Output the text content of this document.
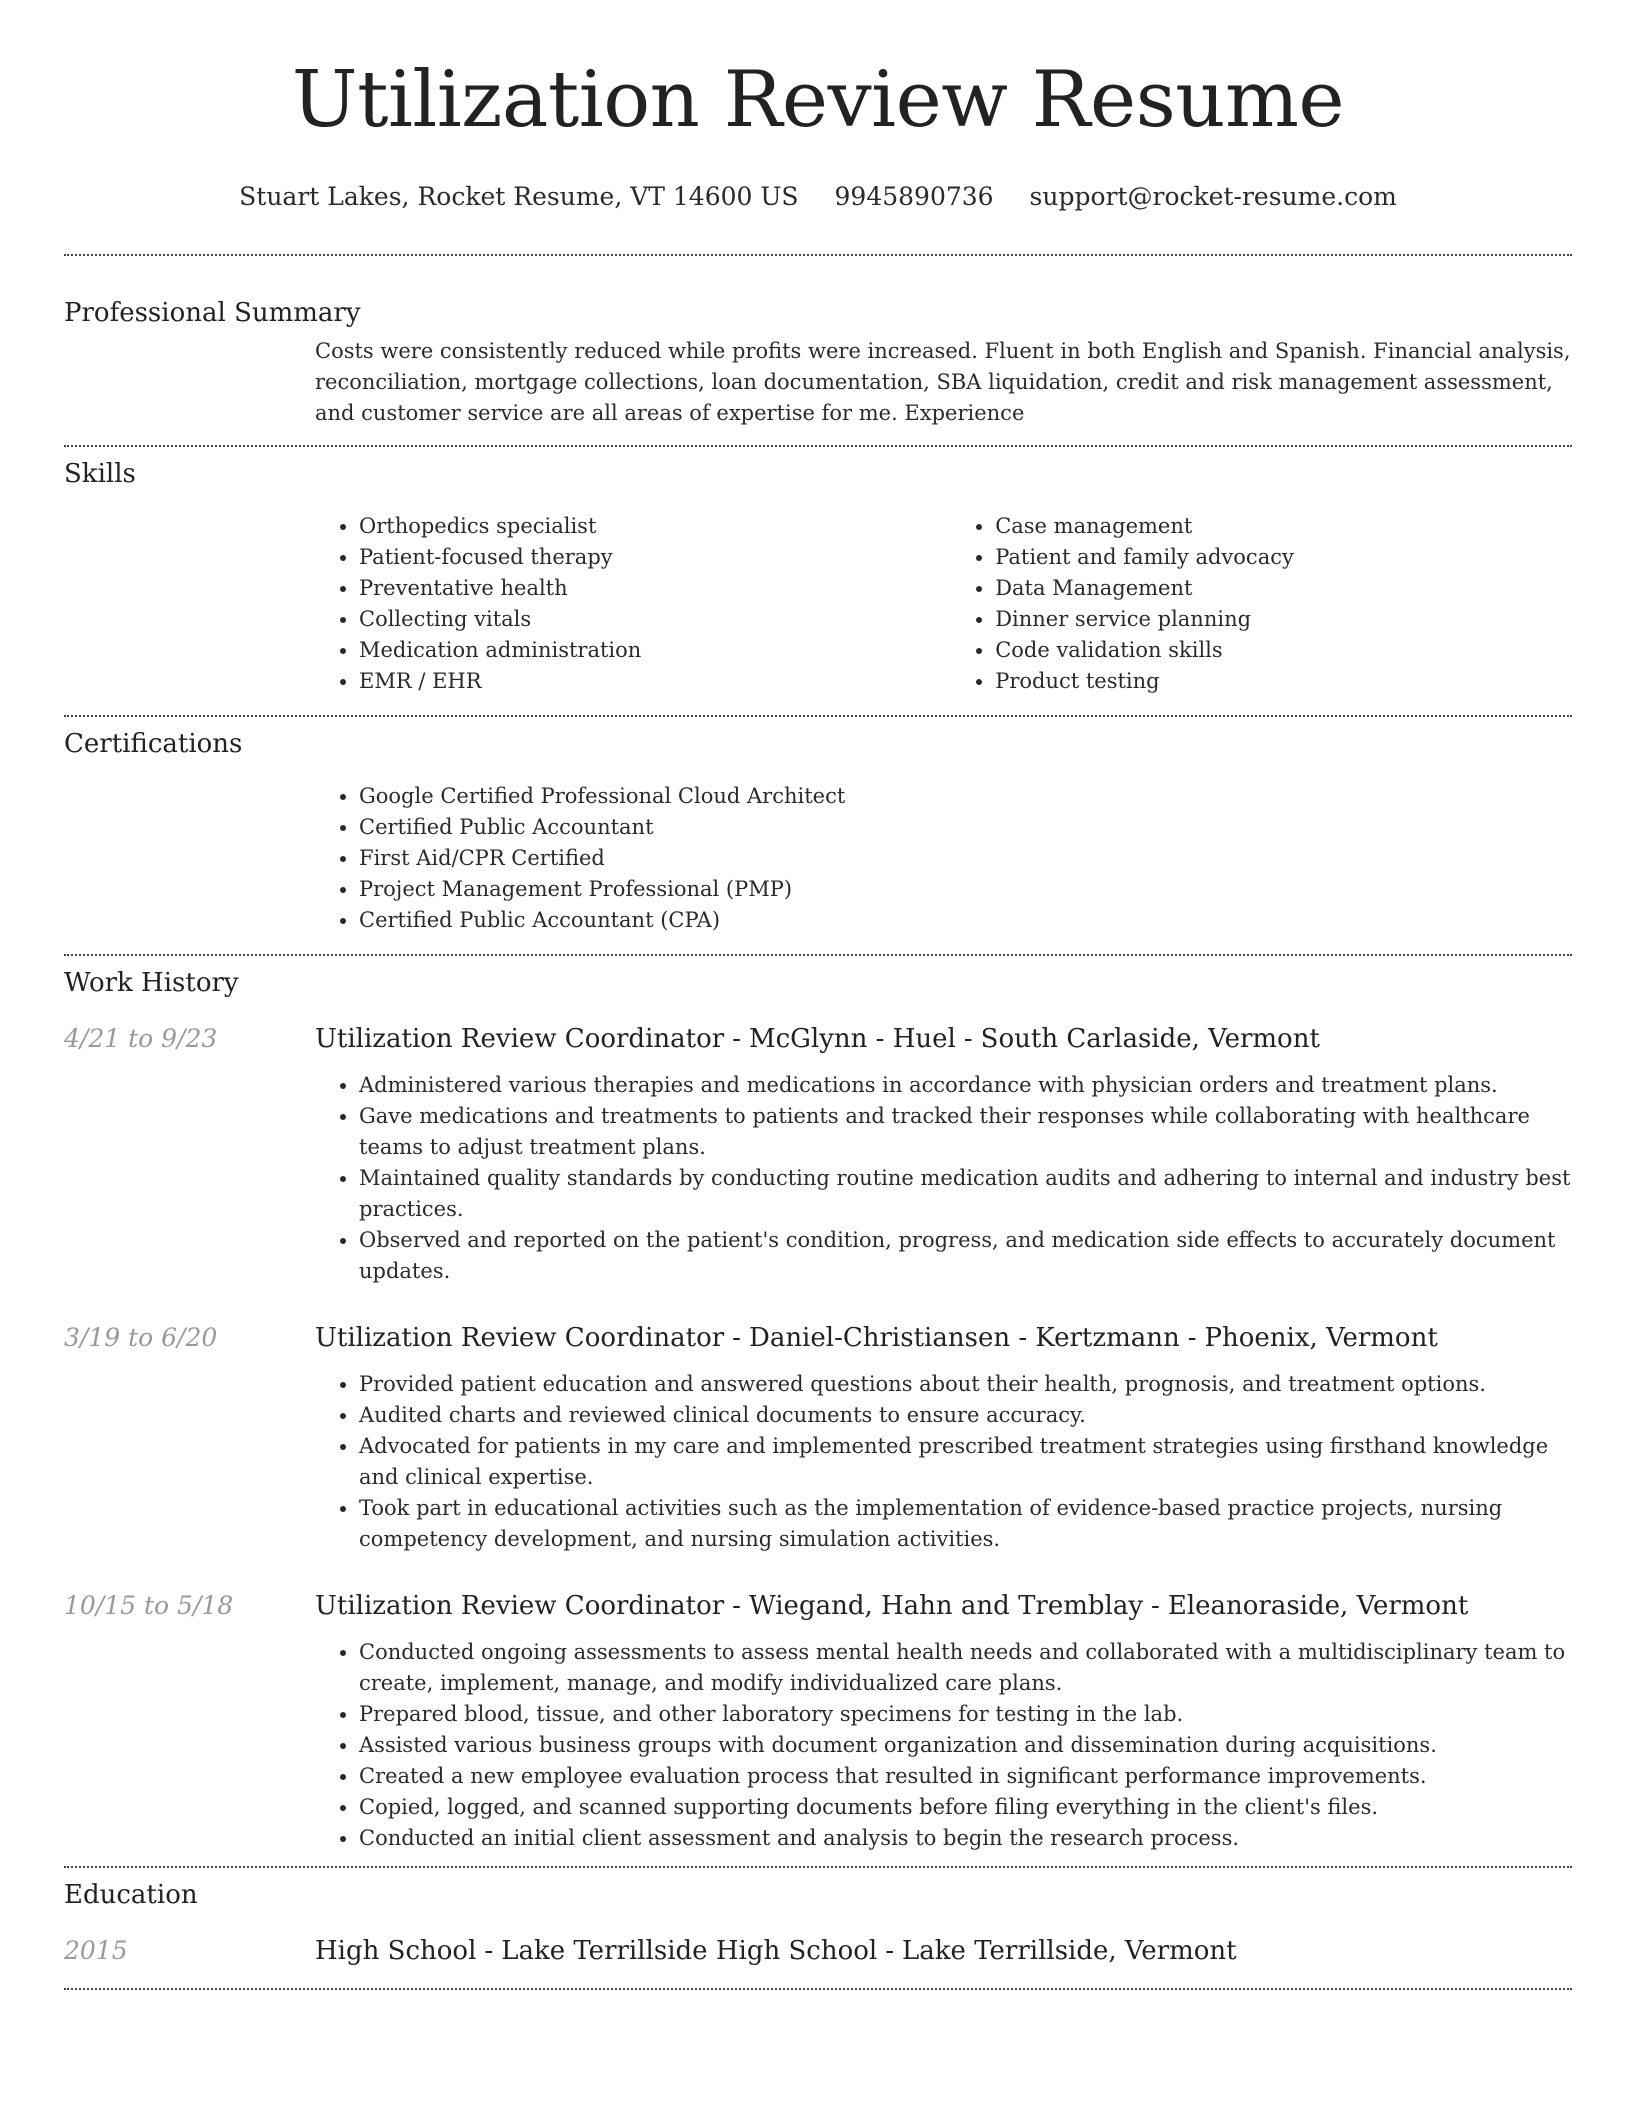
Utilization Review Resume
Stuart Lakes, Rocket Resume, VT 14600 US 9945890736 support@rocket-resume.com
Professional Summary

Costs were consistently reduced while profits were increased. Fluent in both English and Spanish. Financial analysis, reconciliation, mortgage collections, loan documentation, SBA liquidation, credit and risk management assessment, and customer service are all areas of expertise for me. Experience

Skills
• Orthopedics specialist
• Patient-focused therapy
• Preventative health
• Collecting vitals
• Medication administration
• EMR / EHR
• Case management
• Patient and family advocacy
• Data Management
• Dinner service planning
• Code validation skills
• Product testing
Certifications
• Google Certified Professional Cloud Architect
• Certified Public Accountant
• First Aid/CPR Certified
• Project Management Professional (PMP)
• Certified Public Accountant (CPA)
Work History
4/21 to 9/23	Utilization Review Coordinator - McGlynn - Huel - South Carlaside, Vermont
• Administered various therapies and medications in accordance with physician orders and treatment plans.
• Gave medications and treatments to patients and tracked their responses while collaborating with healthcare teams to adjust treatment plans.
• Maintained quality standards by conducting routine medication audits and adhering to internal and industry best practices.
• Observed and reported on the patient's condition, progress, and medication side effects to accurately document updates.
3/19 to 6/20	Utilization Review Coordinator - Daniel-Christiansen - Kertzmann - Phoenix, Vermont
• Provided patient education and answered questions about their health, prognosis, and treatment options.
• Audited charts and reviewed clinical documents to ensure accuracy.
• Advocated for patients in my care and implemented prescribed treatment strategies using firsthand knowledge and clinical expertise.
• Took part in educational activities such as the implementation of evidence-based practice projects, nursing competency development, and nursing simulation activities.
10/15 to 5/18	Utilization Review Coordinator - Wiegand, Hahn and Tremblay - Eleanoraside, Vermont
• Conducted ongoing assessments to assess mental health needs and collaborated with a multidisciplinary team to create, implement, manage, and modify individualized care plans.
• Prepared blood, tissue, and other laboratory specimens for testing in the lab.
• Assisted various business groups with document organization and dissemination during acquisitions.
• Created a new employee evaluation process that resulted in significant performance improvements.
• Copied, logged, and scanned supporting documents before filing everything in the client's files.
• Conducted an initial client assessment and analysis to begin the research process.
Education
2015	High School - Lake Terrillside High School - Lake Terrillside, Vermont
